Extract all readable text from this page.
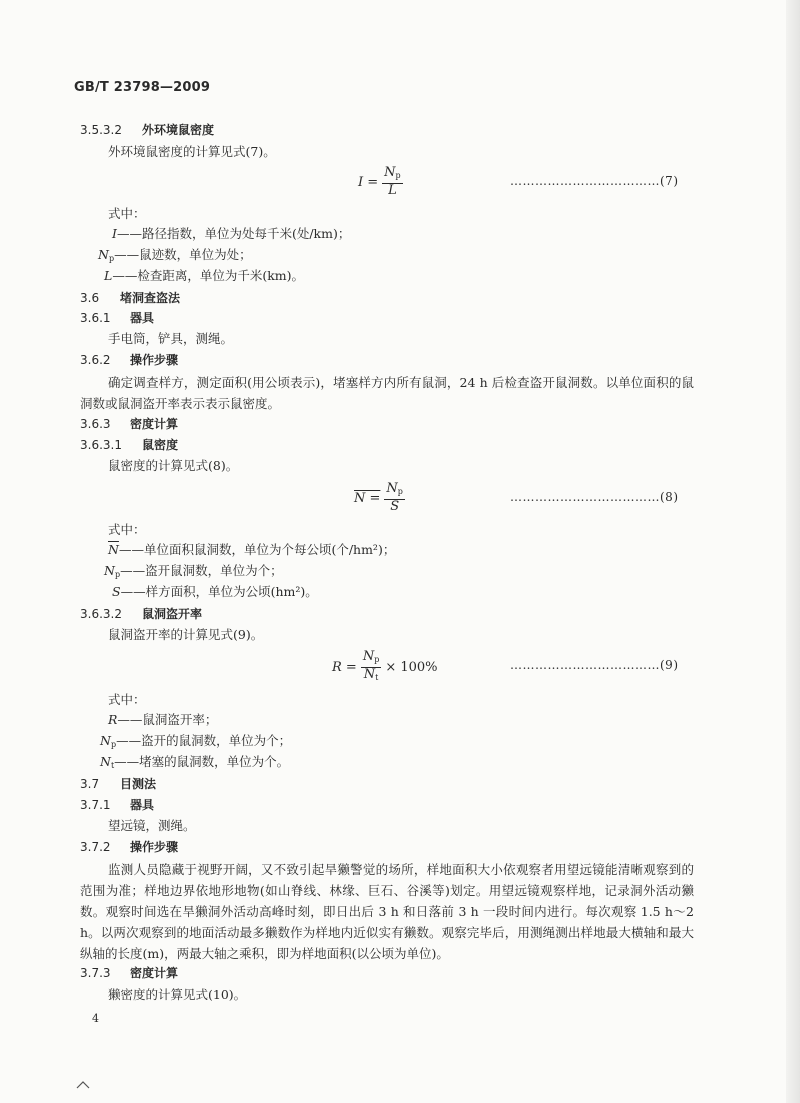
GB/T 23798—2009
3.5.3.2 外环境鼠密度
外环境鼠密度的计算见式(7)。
$I = \frac{N_p}{L}$	………………………………(7)
式中：
I——路径指数，单位为处每千米(处/km)；
$N_p——$鼠迹数，单位为处；
L——检查距离，单位为千米(km)。
3.6 堵洞查盗法
3.6.1 器具
手电筒，铲具，测绳。
3.6.2 操作步骤
确定调查样方，测定面积(用公顷表示)，堵塞样方内所有鼠洞，24 h 后检查盗开鼠洞数。以单位面积的鼠洞数或鼠洞盗开率表示表示鼠密度。
3.6.3 密度计算
3.6.3.1 鼠密度
鼠密度的计算见式(8)。
$N = \frac{N_p}{S}$	………………………………(8)
式中：
$\overline{N}——$单位面积鼠洞数，单位为个每公顷(个/hm²)；
$N_p——$盗开鼠洞数，单位为个；
S——样方面积，单位为公顷(hm²)。
3.6.3.2 鼠洞盗开率
鼠洞盗开率的计算见式(9)。
$R = \frac{N_p}{N_t} \times 100\%$	………………………………(9)
式中：
R——鼠洞盗开率；
$N_p——$盗开的鼠洞数，单位为个；
$N_t——$堵塞的鼠洞数，单位为个。
3.7 目测法
3.7.1 器具
望远镜，测绳。
3.7.2 操作步骤
监测人员隐藏于视野开阔，又不致引起旱獭警觉的场所，样地面积大小依观察者用望远镜能清晰观察到的范围为准；样地边界依地形地物(如山脊线、林缘、巨石、谷溪等)划定。用望远镜观察样地，记录洞外活动獭数。观察时间选在旱獭洞外活动高峰时刻，即日出后 3 h 和日落前 3 h 一段时间内进行。每次观察 1.5 h～2 h。以两次观察到的地面活动最多獭数作为样地内近似实有獭数。观察完毕后，用测绳测出样地最大横轴和最大纵轴的长度(m)，两最大轴之乘积，即为样地面积(以公顷为单位)。
3.7.3 密度计算
獭密度的计算见式(10)。
4
